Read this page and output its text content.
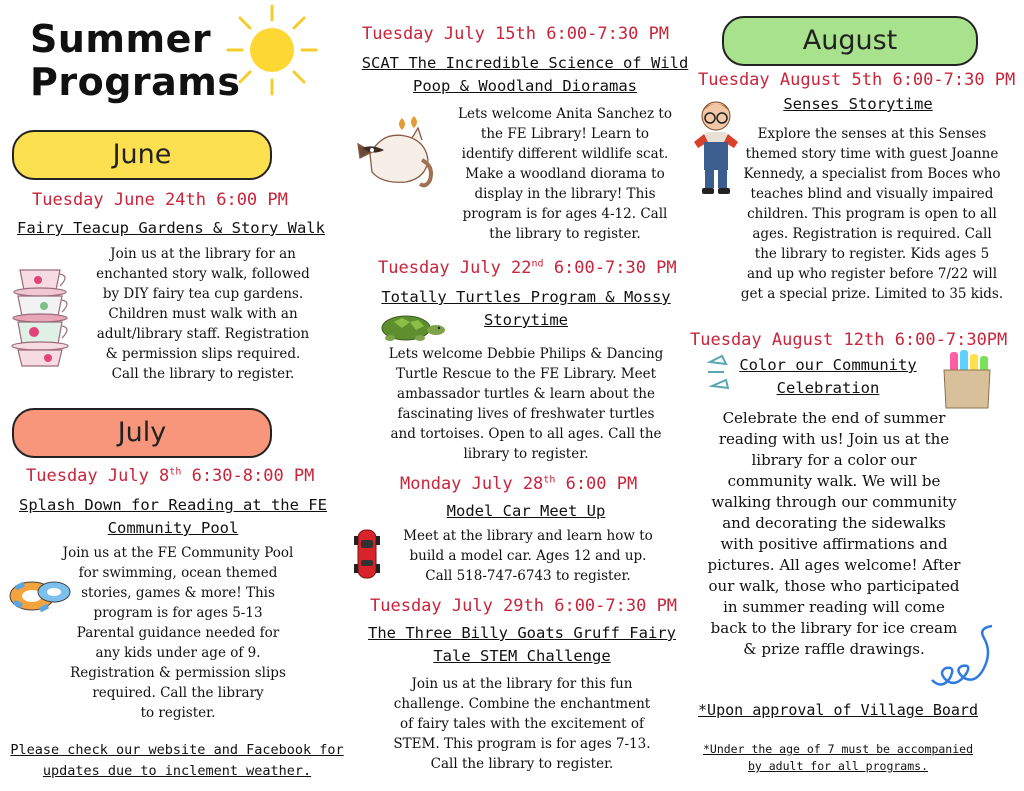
Summer
Programs
June
Tuesday June 24th 6:00 PM
Fairy Teacup Gardens & Story Walk
Join us at the library for an
enchanted story walk, followed
by DIY fairy tea cup gardens.
Children must walk with an
adult/library staff. Registration
& permission slips required.
Call the library to register.
July
Tuesday July 8th 6:30-8:00 PM
Splash Down for Reading at the FE
Community Pool
Join us at the FE Community Pool
for swimming, ocean themed
stories, games & more! This
program is for ages 5-13
Parental guidance needed for
any kids under age of 9.
Registration & permission slips
required. Call the library
to register.
Please check our website and Facebook for
updates due to inclement weather.
Tuesday July 15th 6:00-7:30 PM
SCAT The Incredible Science of Wild
Poop & Woodland Dioramas
Lets welcome Anita Sanchez to
the FE Library! Learn to
identify different wildlife scat.
Make a woodland diorama to
display in the library! This
program is for ages 4-12. Call
the library to register.
Tuesday July 22nd 6:00-7:30 PM
Totally Turtles Program & Mossy
Storytime
Lets welcome Debbie Philips & Dancing
Turtle Rescue to the FE Library. Meet
ambassador turtles & learn about the
fascinating lives of freshwater turtles
and tortoises. Open to all ages. Call the
library to register.
Monday July 28th 6:00 PM
Model Car Meet Up
Meet at the library and learn how to
build a model car. Ages 12 and up.
Call 518-747-6743 to register.
Tuesday July 29th 6:00-7:30 PM
The Three Billy Goats Gruff Fairy
Tale STEM Challenge
Join us at the library for this fun
challenge. Combine the enchantment
of fairy tales with the excitement of
STEM. This program is for ages 7-13.
Call the library to register.
August
Tuesday August 5th 6:00-7:30 PM
Senses Storytime
Explore the senses at this Senses
themed story time with guest Joanne
Kennedy, a specialist from Boces who
teaches blind and visually impaired
children. This program is open to all
ages. Registration is required. Call
the library to register. Kids ages 5
and up who register before 7/22 will
get a special prize. Limited to 35 kids.
Tuesday August 12th 6:00-7:30PM
Color our Community
Celebration
Celebrate the end of summer
reading with us! Join us at the
library for a color our
community walk. We will be
walking through our community
and decorating the sidewalks
with positive affirmations and
pictures. All ages welcome! After
our walk, those who participated
in summer reading will come
back to the library for ice cream
& prize raffle drawings.
*Upon approval of Village Board
*Under the age of 7 must be accompanied
by adult for all programs.
